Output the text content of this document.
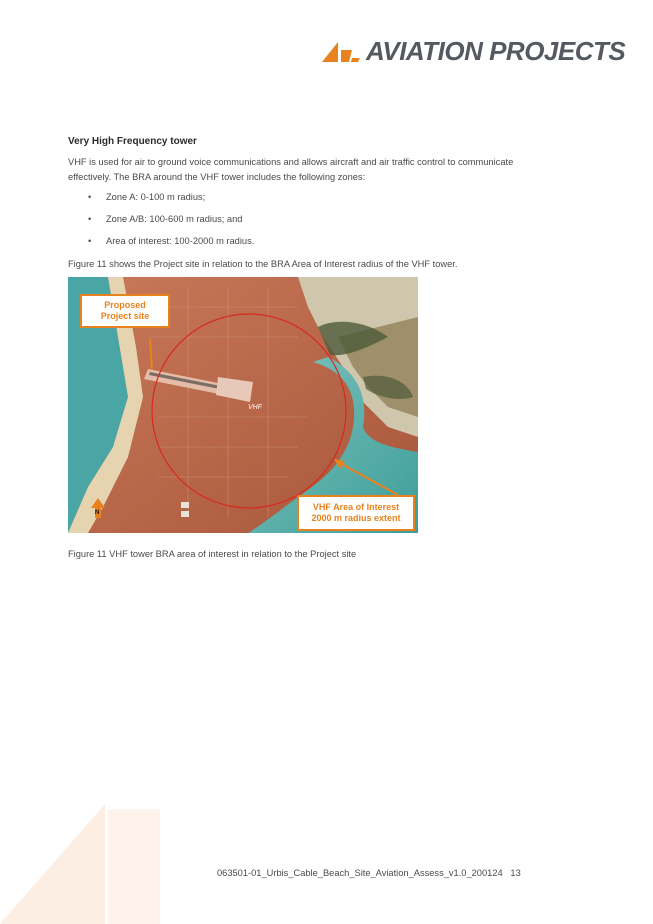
AVIATION PROJECTS
Very High Frequency tower
VHF is used for air to ground voice communications and allows aircraft and air traffic control to communicate effectively. The BRA around the VHF tower includes the following zones:
• Zone A: 0-100 m radius;
• Zone A/B: 100-600 m radius; and
• Area of interest: 100-2000 m radius.
Figure 11 shows the Project site in relation to the BRA Area of Interest radius of the VHF tower.
Proposed
Project site
VHF Area of Interest
2000 m radius extent
VHF
N
Figure 11 VHF tower BRA area of interest in relation to the Project site
063501-01_Urbis_Cable_Beach_Site_Aviation_Assess_v1.0_200124 13
